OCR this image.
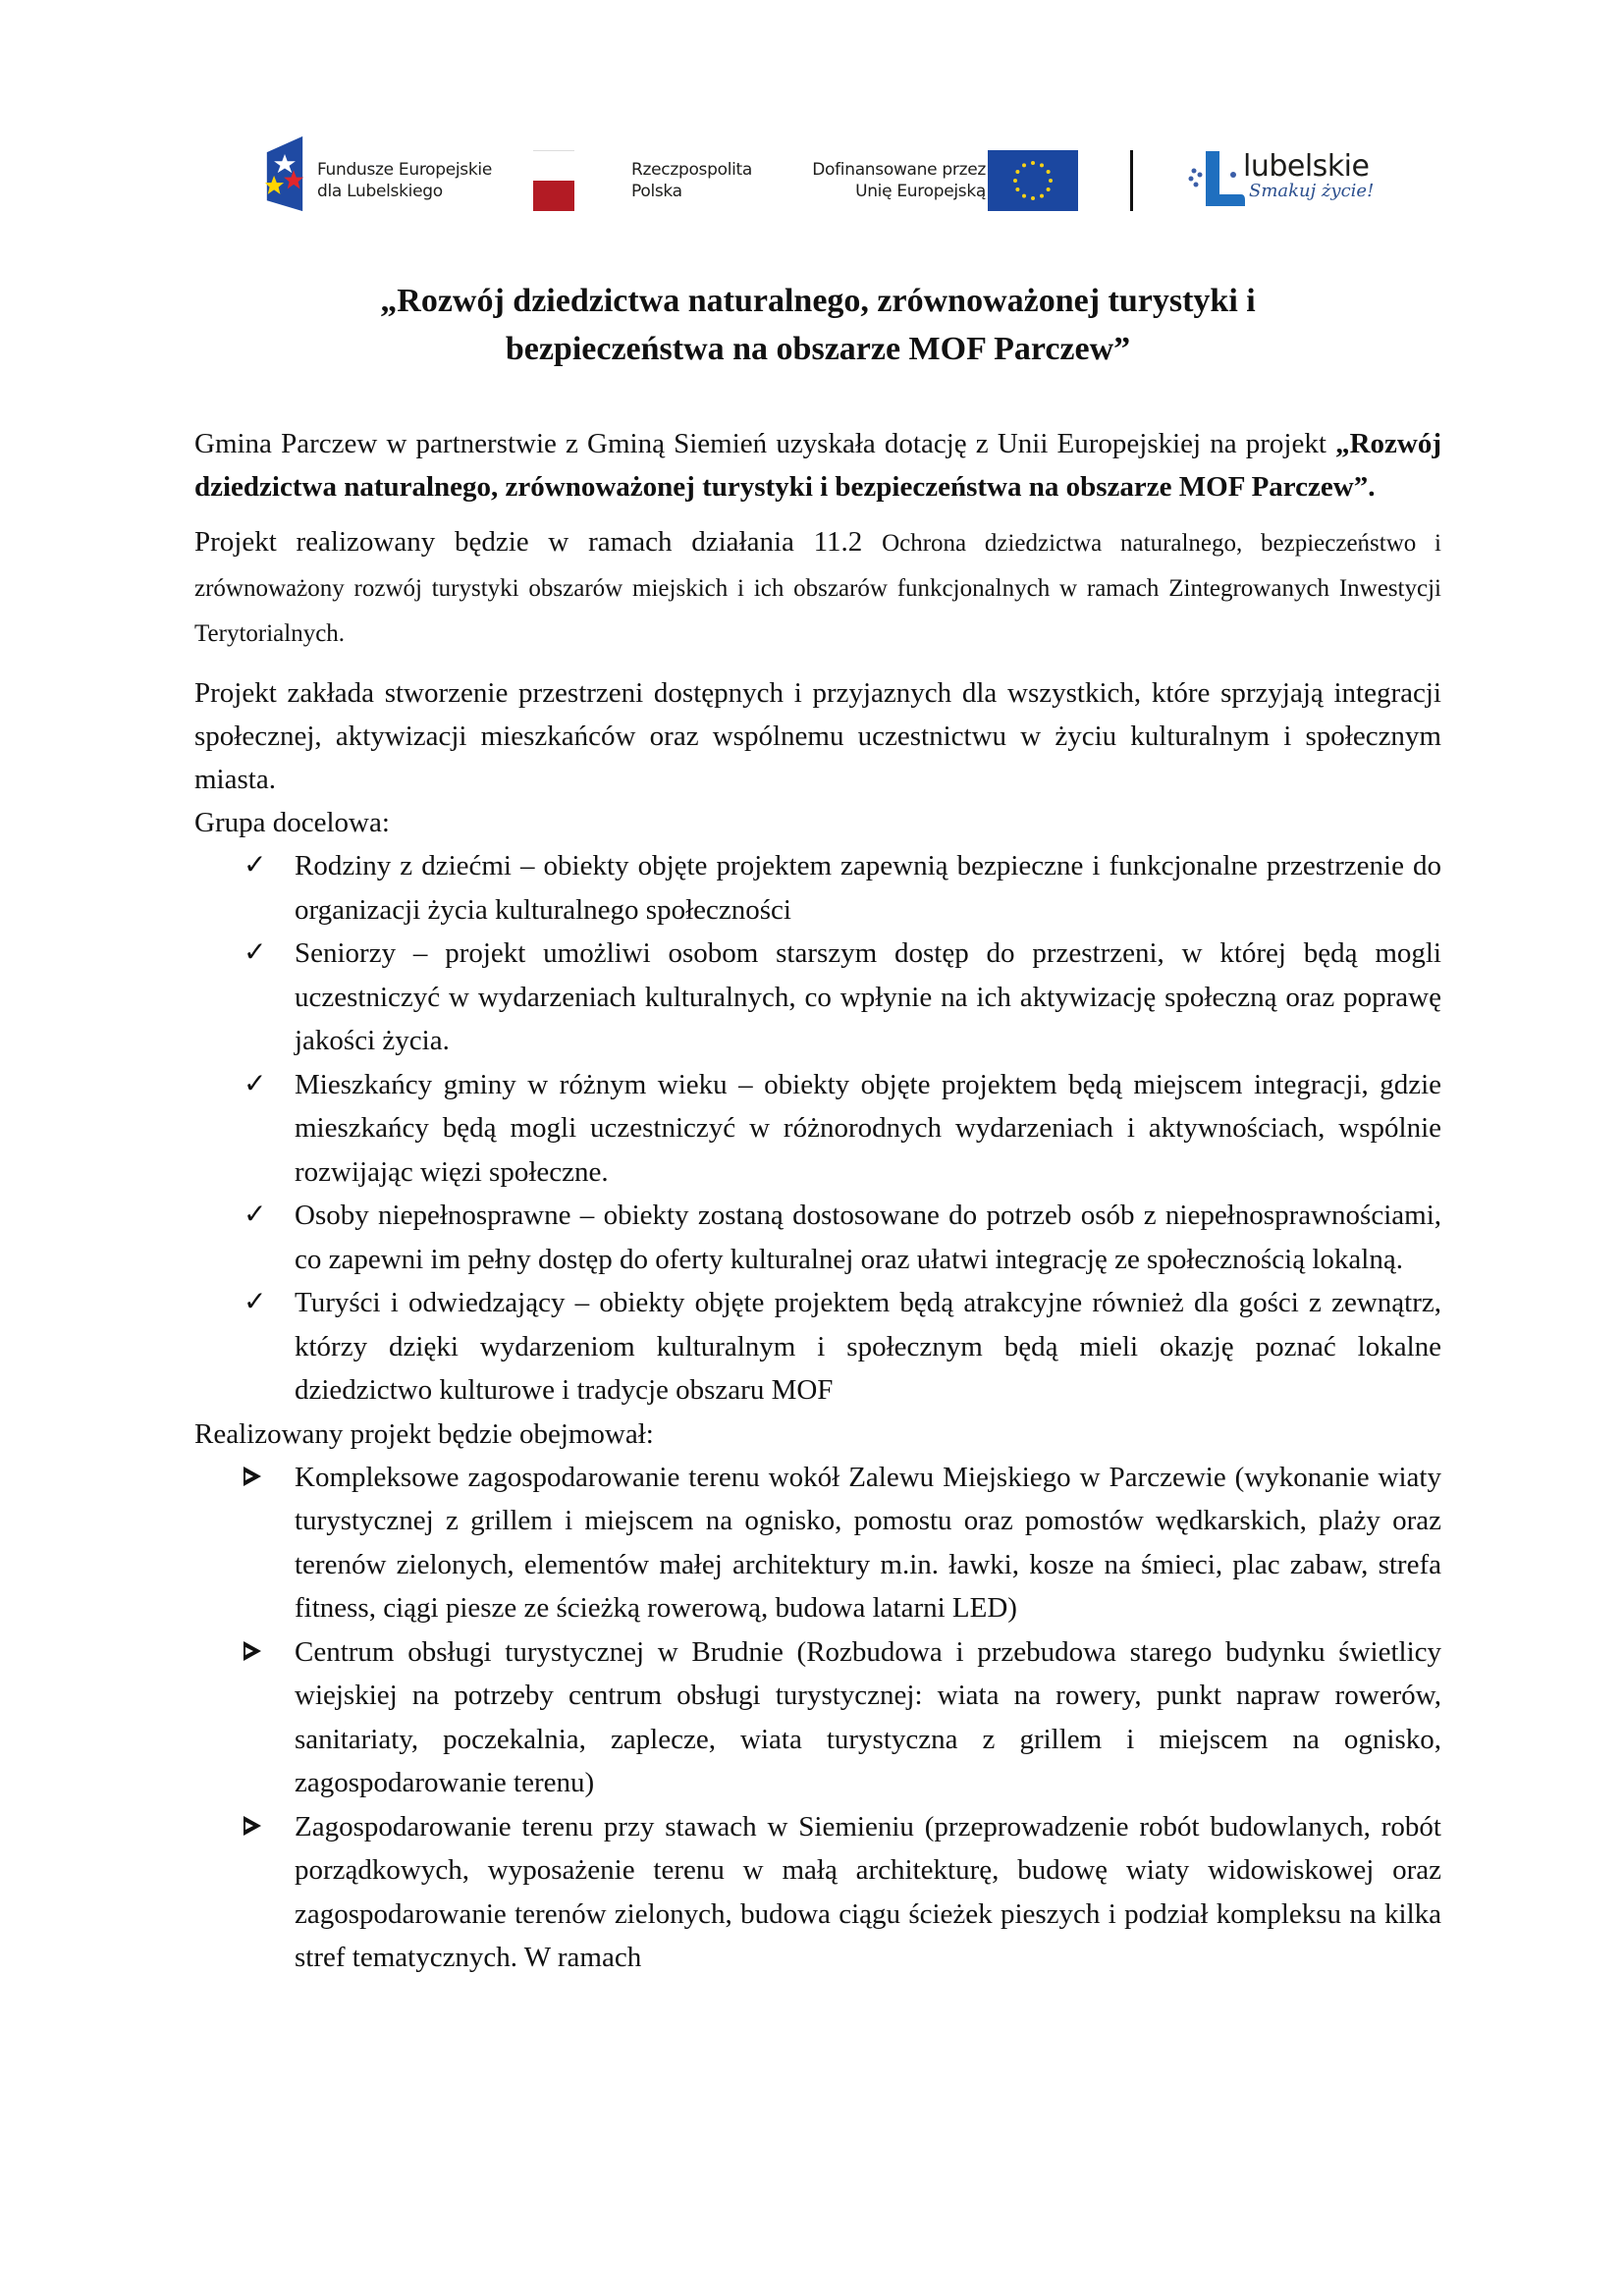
Fundusze Europejskie
dla Lubelskiego
Rzeczpospolita
Polska
Dofinansowane przez
Unię Europejską
lubelskie
Smakuj życie!
„Rozwój dziedzictwa naturalnego, zrównoważonej turystyki i
bezpieczeństwa na obszarze MOF Parczew”

Gmina Parczew w partnerstwie z Gminą Siemień uzyskała dotację z Unii Europejskiej na projekt „Rozwój dziedzictwa naturalnego, zrównoważonej turystyki i bezpieczeństwa na obszarze MOF Parczew”.

Projekt realizowany będzie w ramach działania 11.2 Ochrona dziedzictwa naturalnego, bezpieczeństwo i zrównoważony rozwój turystyki obszarów miejskich i ich obszarów funkcjonalnych w ramach Zintegrowanych Inwestycji Terytorialnych.

Projekt zakłada stworzenie przestrzeni dostępnych i przyjaznych dla wszystkich, które sprzyjają integracji społecznej, aktywizacji mieszkańców oraz wspólnemu uczestnictwu w życiu kulturalnym i społecznym miasta.

Grupa docelowa:

✓ Rodziny z dziećmi – obiekty objęte projektem zapewnią bezpieczne i funkcjonalne przestrzenie do organizacji życia kulturalnego społeczności
✓ Seniorzy – projekt umożliwi osobom starszym dostęp do przestrzeni, w której będą mogli uczestniczyć w wydarzeniach kulturalnych, co wpłynie na ich aktywizację społeczną oraz poprawę jakości życia.
✓ Mieszkańcy gminy w różnym wieku – obiekty objęte projektem będą miejscem integracji, gdzie mieszkańcy będą mogli uczestniczyć w różnorodnych wydarzeniach i aktywnościach, wspólnie rozwijając więzi społeczne.
✓ Osoby niepełnosprawne – obiekty zostaną dostosowane do potrzeb osób z niepełnosprawnościami, co zapewni im pełny dostęp do oferty kulturalnej oraz ułatwi integrację ze społecznością lokalną.
✓ Turyści i odwiedzający – obiekty objęte projektem będą atrakcyjne również dla gości z zewnątrz, którzy dzięki wydarzeniom kulturalnym i społecznym będą mieli okazję poznać lokalne dziedzictwo kulturowe i tradycje obszaru MOF

Realizowany projekt będzie obejmował:

Kompleksowe zagospodarowanie terenu wokół Zalewu Miejskiego w Parczewie (wykonanie wiaty turystycznej z grillem i miejscem na ognisko, pomostu oraz pomostów wędkarskich, plaży oraz terenów zielonych, elementów małej architektury m.in. ławki, kosze na śmieci, plac zabaw, strefa fitness, ciągi piesze ze ścieżką rowerową, budowa latarni LED)
Centrum obsługi turystycznej w Brudnie (Rozbudowa i przebudowa starego budynku świetlicy wiejskiej na potrzeby centrum obsługi turystycznej: wiata na rowery, punkt napraw rowerów, sanitariaty, poczekalnia, zaplecze, wiata turystyczna z grillem i miejscem na ognisko, zagospodarowanie terenu)
Zagospodarowanie terenu przy stawach w Siemieniu (przeprowadzenie robót budowlanych, robót porządkowych, wyposażenie terenu w małą architekturę, budowę wiaty widowiskowej oraz zagospodarowanie terenów zielonych, budowa ciągu ścieżek pieszych i podział kompleksu na kilka stref tematycznych. W ramach
